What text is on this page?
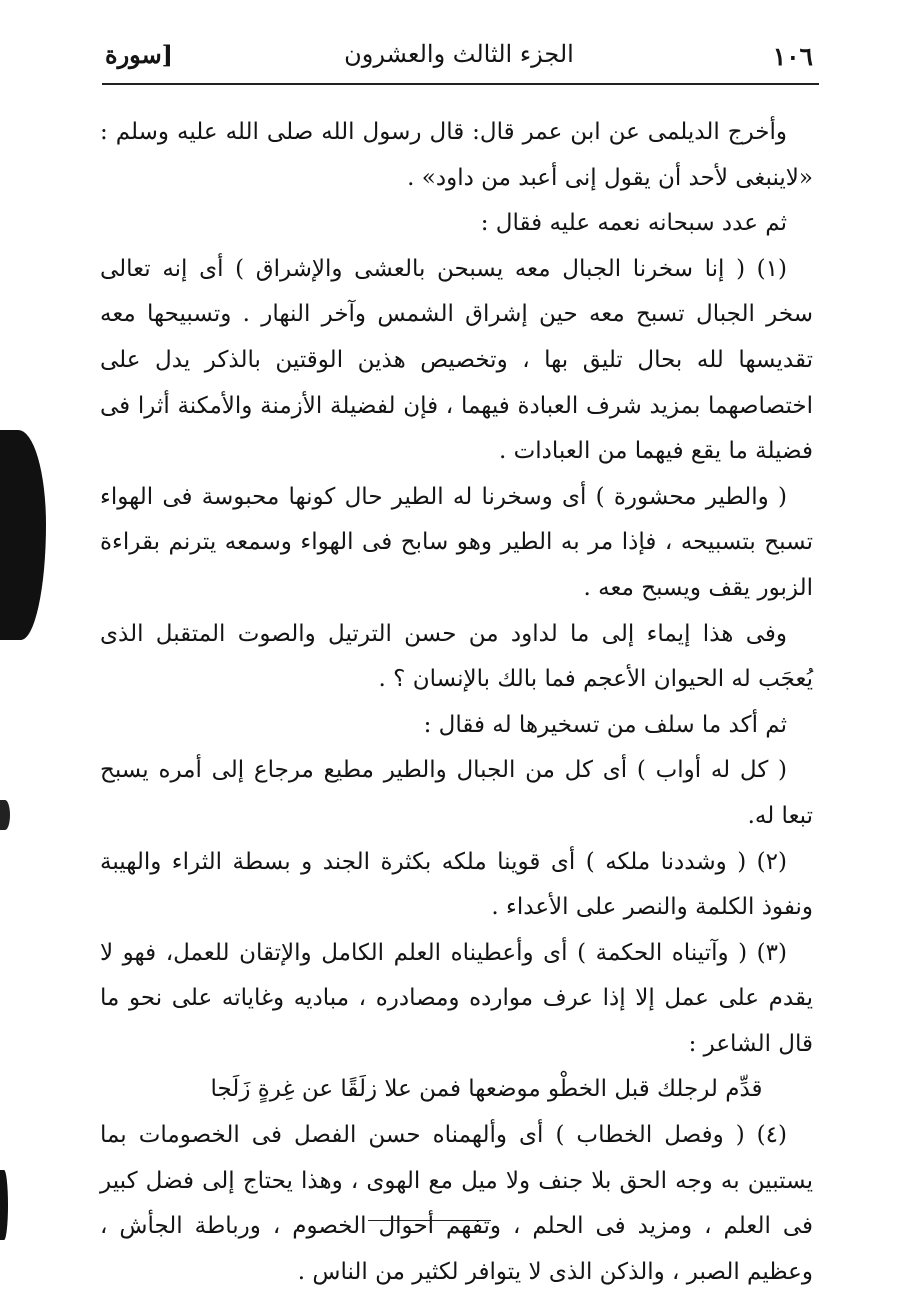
١٠٦
الجزء الثالث والعشرون
[سورة

وأخرج الديلمى عن ابن عمر قال: قال رسول الله صلى الله عليه وسلم : «لاينبغى لأحد أن يقول إنى أعبد من داود» .

ثم عدد سبحانه نعمه عليه فقال :

(١) ( إنا سخرنا الجبال معه يسبحن بالعشى والإشراق ) أى إنه تعالى سخر الجبال تسبح معه حين إشراق الشمس وآخر النهار . وتسبيحها معه تقديسها لله بحال تليق بها ، وتخصيص هذين الوقتين بالذكر يدل على اختصاصهما بمزيد شرف العبادة فيهما ، فإن لفضيلة الأزمنة والأمكنة أثرا فى فضيلة ما يقع فيهما من العبادات .

( والطير محشورة ) أى وسخرنا له الطير حال كونها محبوسة فى الهواء تسبح بتسبيحه ، فإذا مر به الطير وهو سابح فى الهواء وسمعه يترنم بقراءة الزبور يقف ويسبح معه .

وفى هذا إيماء إلى ما لداود من حسن الترتيل والصوت المتقبل الذى يُعجَب له الحيوان الأعجم فما بالك بالإنسان ؟ .

ثم أكد ما سلف من تسخيرها له فقال :

( كل له أواب ) أى كل من الجبال والطير مطيع مرجاع إلى أمره يسبح تبعا له.

(٢) ( وشددنا ملكه ) أى قوينا ملكه بكثرة الجند و بسطة الثراء والهيبة ونفوذ الكلمة والنصر على الأعداء .

(٣) ( وآتيناه الحكمة ) أى وأعطيناه العلم الكامل والإتقان للعمل، فهو لا يقدم على عمل إلا إذا عرف موارده ومصادره ، مباديه وغاياته على نحو ما قال الشاعر :

قدِّم لرجلك قبل الخطْو موضعها فمن علا زلَقًا عن غِرةٍ زَلَجا

(٤) ( وفصل الخطاب ) أى وألهمناه حسن الفصل فى الخصومات بما يستبين به وجه الحق بلا جنف ولا ميل مع الهوى ، وهذا يحتاج إلى فضل كبير فى العلم ، ومزيد فى الحلم ، وتفهم أحوال الخصوم ، ورباطة الجأش ، وعظيم الصبر ، والذكن الذى لا يتوافر لكثير من الناس .
